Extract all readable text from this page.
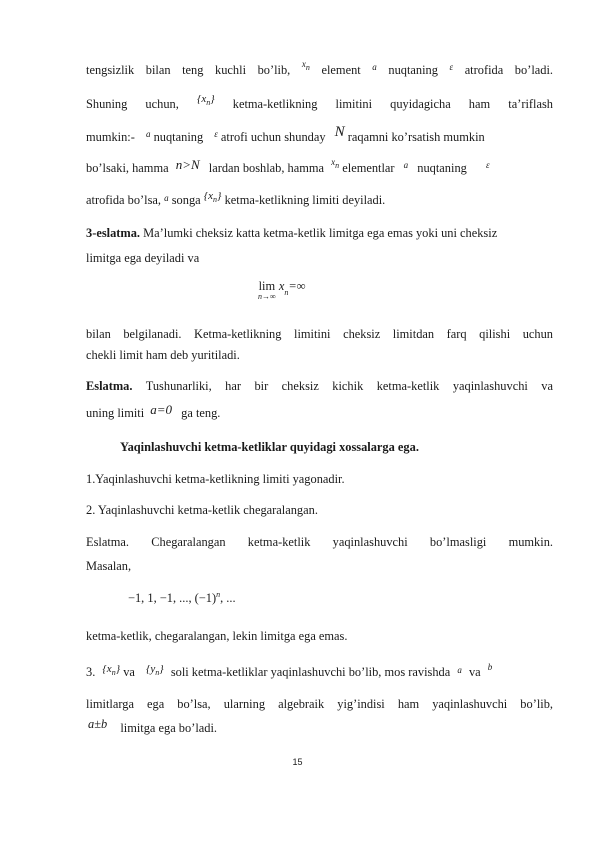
tengsizlik bilan teng kuchli bo’lib, $^{xn}$ element $^a$ nuqtaning $^\varepsilon$ atrofida bo’ladi.
Shuning uchun, $\{x_n\}$ ketma-ketlikning limitini quyidagicha ham ta’riflash
mumkin:- $^a$ nuqtaning $^\varepsilon$ atrofi uchun shunday N raqamni ko’rsatish mumkin
bo’lsaki, hamma n>N lardan boshlab, hamma $^{xn}$ elementlar $^a$ nuqtaning $^\varepsilon$
atrofida bo’lsa, $^a$ songa $\{x_n\}$ ketma-ketlikning limiti deyiladi.
3-eslatma. Ma’lumki cheksiz katta ketma-ketlik limitga ega emas yoki uni cheksiz
limitga ega deyiladi va
lim
n→∞
$x_n=\infty$
bilan belgilanadi. Ketma-ketlikning limitini cheksiz limitdan farq qilishi uchun
chekli limit ham deb yuritiladi.
Eslatma. Tushunarliki, har bir cheksiz kichik ketma-ketlik yaqinlashuvchi va
uning limiti a=0 ga teng.
Yaqinlashuvchi ketma-ketliklar quyidagi xossalarga ega.
1.Yaqinlashuvchi ketma-ketlikning limiti yagonadir.
2. Yaqinlashuvchi ketma-ketlik chegaralangan.
Eslatma. Chegaralangan ketma-ketlik yaqinlashuvchi bo’lmasligi mumkin.
Masalan,
−1, 1, −1, ..., $(-1)^n$, ...
ketma-ketlik, chegaralangan, lekin limitga ega emas.
3. $\{x_n\}$ va $\{y_n\}$ soli ketma-ketliklar yaqinlashuvchi bo’lib, mos ravishda $^a$ va $^b$
limitlarga ega bo’lsa, ularning algebraik yig’indisi ham yaqinlashuvchi bo’lib,
a±b limitga ega bo’ladi.
15
